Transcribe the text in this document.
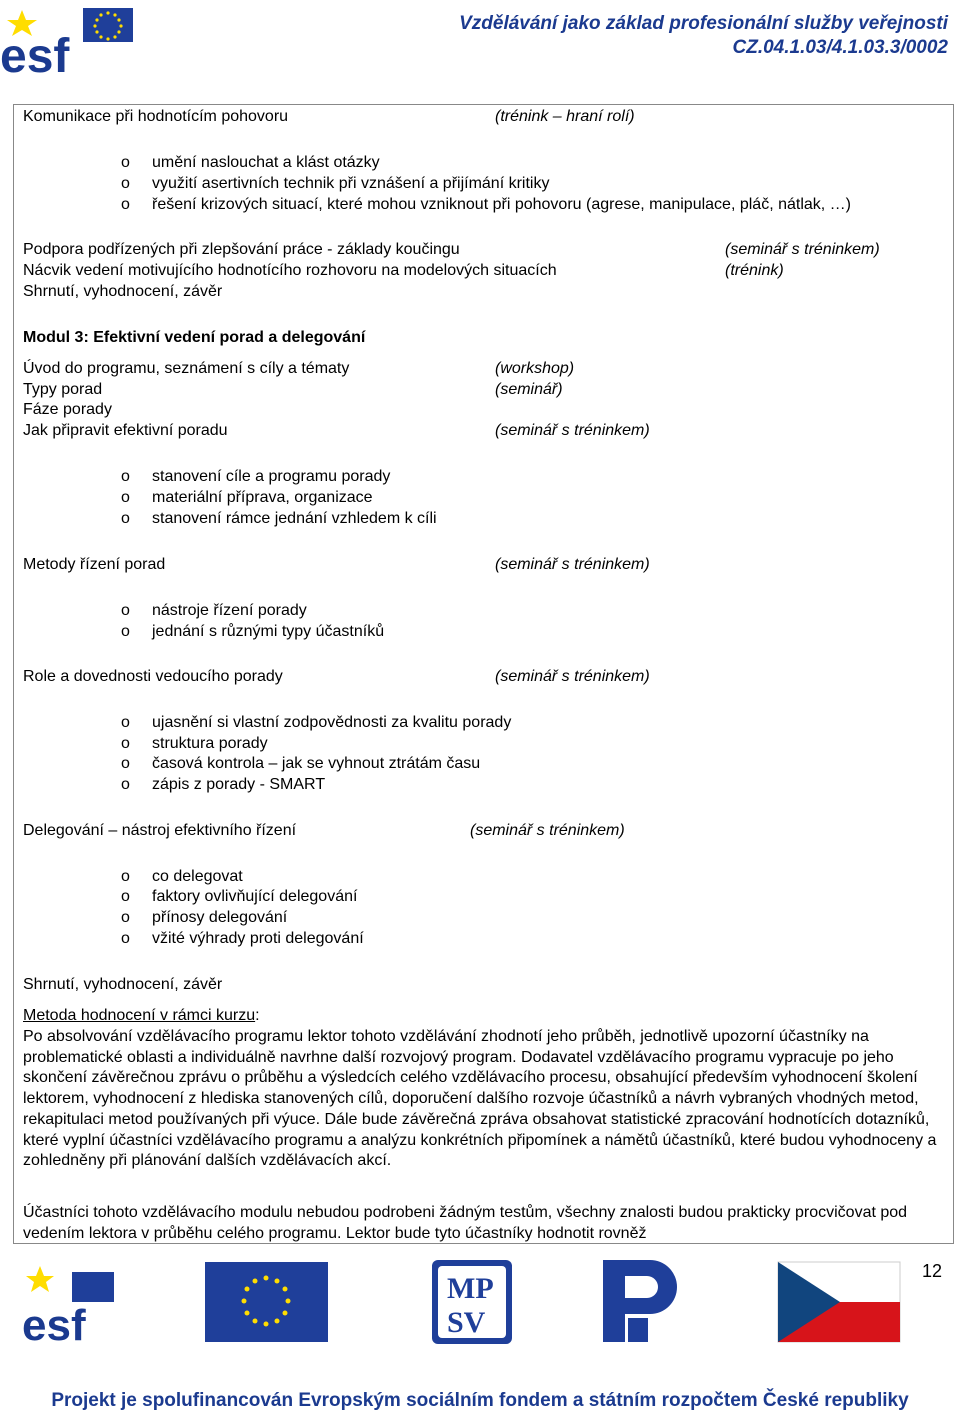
esf
Vzdělávání jako základ profesionální služby veřejnosti
CZ.04.1.03/4.1.03.3/0002
Komunikace při hodnotícím pohovoru	(trénink – hraní rolí)
o umění naslouchat a klást otázky
o využití asertivních technik při vznášení a přijímání kritiky
o řešení krizových situací, které mohou vzniknout při pohovoru (agrese, manipulace, pláč, nátlak, …)
Podpora podřízených při zlepšování práce - základy koučingu	(seminář s tréninkem)
Nácvik vedení motivujícího hodnotícího rozhovoru na modelových situacích	(trénink)
Shrnutí, vyhodnocení, závěr
Modul 3: Efektivní vedení porad a delegování
Úvod do programu, seznámení s cíly a tématy	(workshop)
Typy porad	(seminář)
Fáze porady
Jak připravit efektivní poradu	(seminář s tréninkem)
o stanovení cíle a programu porady
o materiální příprava, organizace
o stanovení rámce jednání vzhledem k cíli
Metody řízení porad	(seminář s tréninkem)
o nástroje řízení porady
o jednání s různými typy účastníků
Role a dovednosti vedoucího porady	(seminář s tréninkem)
o ujasnění si vlastní zodpovědnosti za kvalitu porady
o struktura porady
o časová kontrola – jak se vyhnout ztrátám času
o zápis z porady - SMART
Delegování – nástroj efektivního řízení	(seminář s tréninkem)
o co delegovat
o faktory ovlivňující delegování
o přínosy delegování
o vžité výhrady proti delegování
Shrnutí, vyhodnocení, závěr
Metoda hodnocení v rámci kurzu:
Po absolvování vzdělávacího programu lektor tohoto vzdělávání zhodnotí jeho průběh, jednotlivě upozorní účastníky na problematické oblasti a individuálně navrhne další rozvojový program. Dodavatel vzdělávacího programu vypracuje po jeho skončení závěrečnou zprávu o průběhu a výsledcích celého vzdělávacího procesu, obsahující především vyhodnocení školení lektorem, vyhodnocení z hlediska stanovených cílů, doporučení dalšího rozvoje účastníků a návrh vybraných vhodných metod, rekapitulaci metod používaných při výuce. Dále bude závěrečná zpráva obsahovat statistické zpracování hodnotících dotazníků, které vyplní účastníci vzdělávacího programu a analýzu konkrétních připomínek a námětů účastníků, které budou vyhodnoceny a zohledněny při plánování dalších vzdělávacích akcí.
Účastníci tohoto vzdělávacího modulu nebudou podrobeni žádným testům, všechny znalosti budou prakticky procvičovat pod vedením lektora v průběhu celého programu. Lektor bude tyto účastníky hodnotit rovněž
12
esf
MP
SV
Projekt je spolufinancován Evropským sociálním fondem a státním rozpočtem České republiky
